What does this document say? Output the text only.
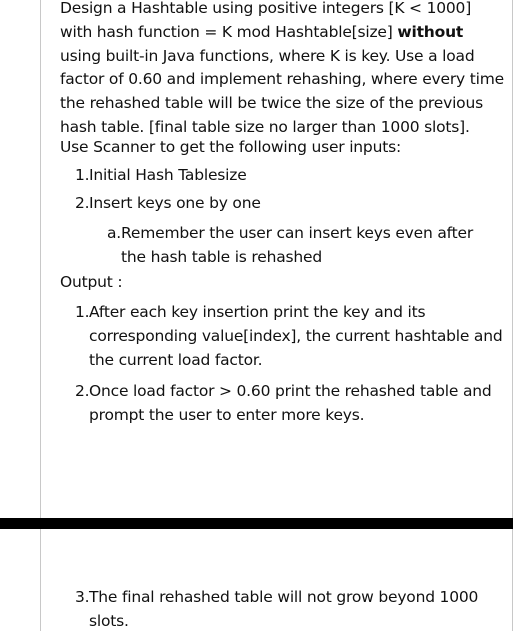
Design a Hashtable using positive integers [K < 1000] with hash function = K mod Hashtable[size] without using built-in Java functions, where K is key. Use a load factor of 0.60 and implement rehashing, where every time the rehashed table will be twice the size of the previous hash table. [final table size no larger than 1000 slots].
Use Scanner to get the following user inputs:
1. Initial Hash Tablesize
2. Insert keys one by one
a. Remember the user can insert keys even after the hash table is rehashed
Output :
1. After each key insertion print the key and its corresponding value[index], the current hashtable and the current load factor.
2. Once load factor > 0.60 print the rehashed table and prompt the user to enter more keys.
3. The final rehashed table will not grow beyond 1000 slots.
